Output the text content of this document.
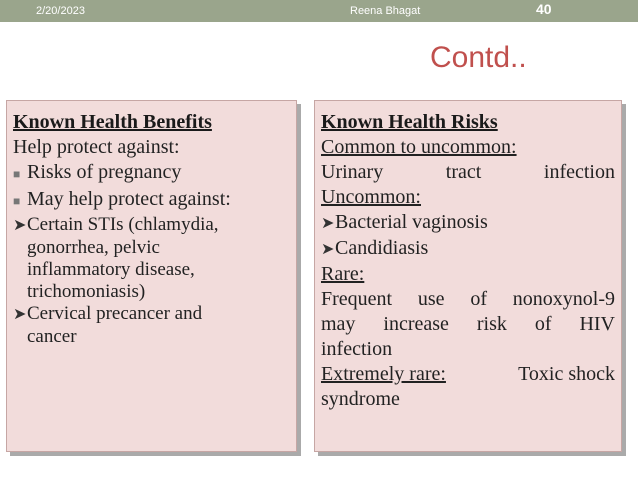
2/20/2023	Reena Bhagat	40
Contd..

Known Health Benefits

Help protect against:

■ Risks of pregnancy

■ May help protect against:

➤Certain STIs (chlamydia,

gonorrhea, pelvic

inflammatory disease,

trichomoniasis)

➤Cervical precancer and

cancer

Known Health Risks

Common to uncommon:

Urinary	tract	infection

Uncommon:

➤Bacterial vaginosis

➤Candidiasis

Rare:

Frequent use of nonoxynol-9

may increase risk of HIV

infection

Extremely rare:	Toxic shock

syndrome
